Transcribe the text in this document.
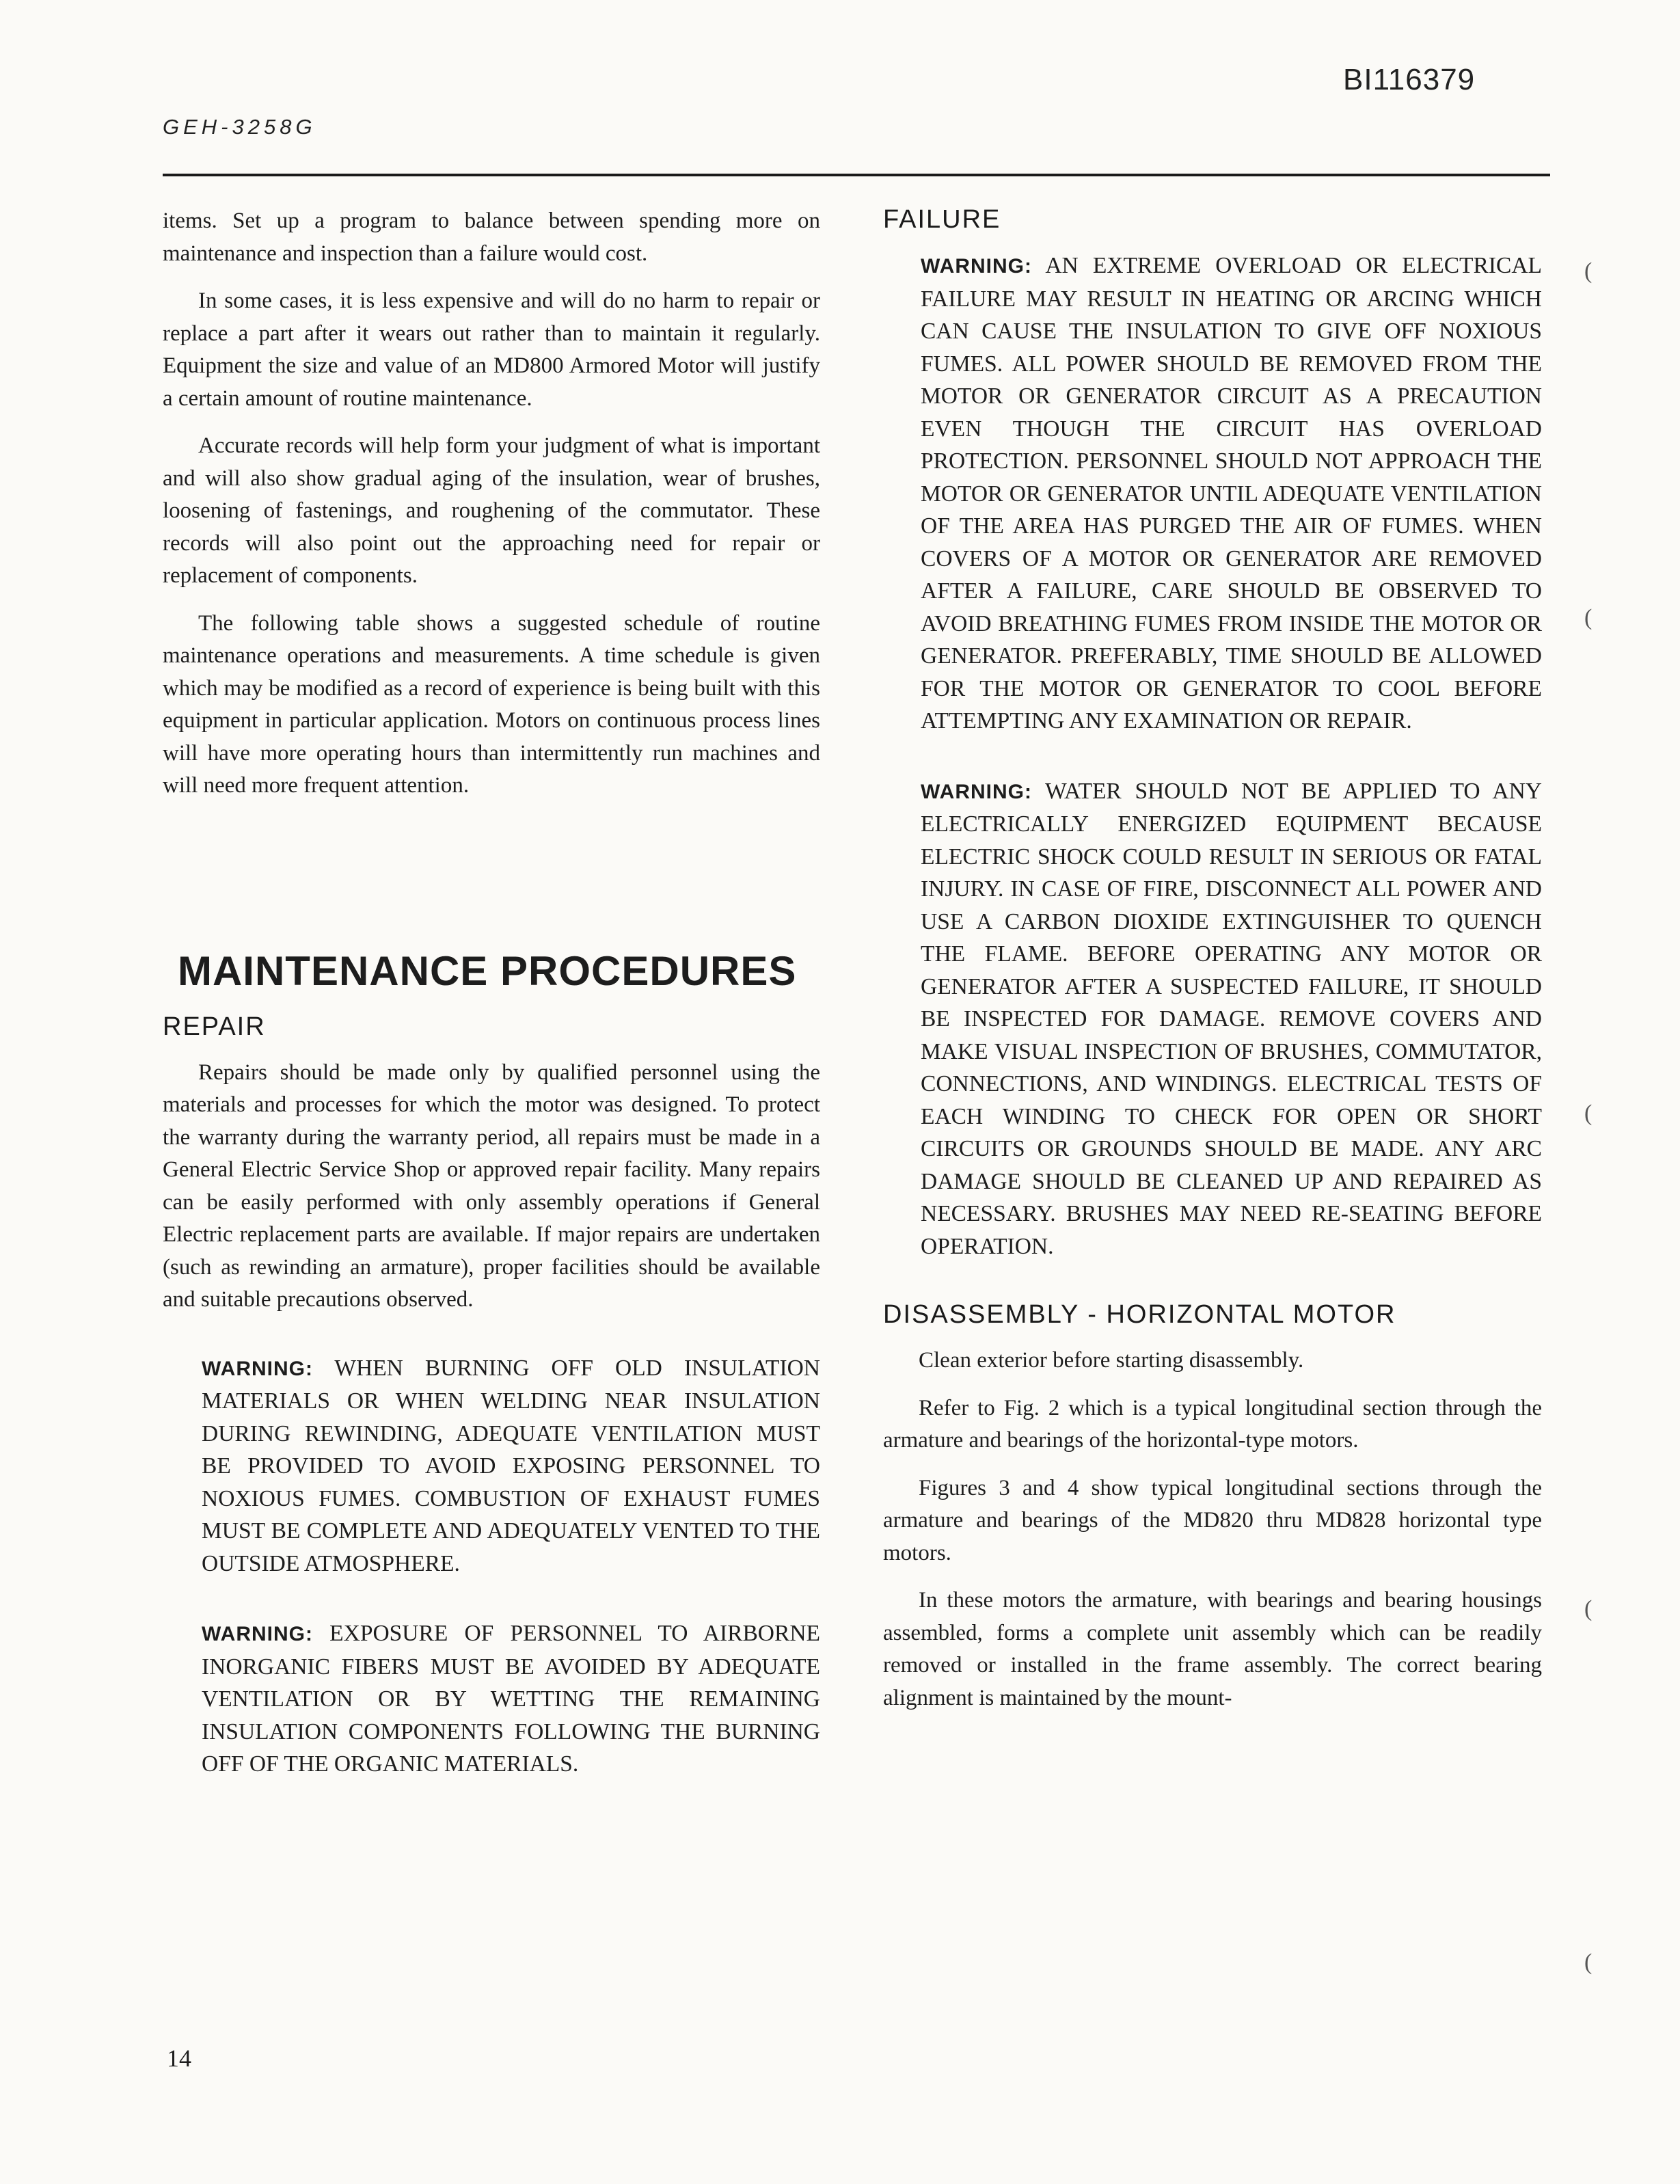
BI116379
GEH-3258G

items. Set up a program to balance between spending more on maintenance and inspection than a failure would cost.

In some cases, it is less expensive and will do no harm to repair or replace a part after it wears out rather than to maintain it regularly. Equipment the size and value of an MD800 Armored Motor will justify a certain amount of routine maintenance.

Accurate records will help form your judgment of what is important and will also show gradual aging of the insulation, wear of brushes, loosening of fastenings, and roughening of the commutator. These records will also point out the approaching need for repair or replacement of components.

The following table shows a suggested schedule of routine maintenance operations and measurements. A time schedule is given which may be modified as a record of experience is being built with this equipment in particular application. Motors on continuous process lines will have more operating hours than intermittently run machines and will need more frequent attention.

MAINTENANCE PROCEDURES
REPAIR

Repairs should be made only by qualified personnel using the materials and processes for which the motor was designed. To protect the warranty during the warranty period, all repairs must be made in a General Electric Service Shop or approved repair facility. Many repairs can be easily performed with only assembly operations if General Electric replacement parts are available. If major repairs are undertaken (such as rewinding an armature), proper facilities should be available and suitable precautions observed.

WARNING: WHEN BURNING OFF OLD INSULATION MATERIALS OR WHEN WELDING NEAR INSULATION DURING REWINDING, ADEQUATE VENTILATION MUST BE PROVIDED TO AVOID EXPOSING PERSONNEL TO NOXIOUS FUMES. COMBUSTION OF EXHAUST FUMES MUST BE COMPLETE AND ADEQUATELY VENTED TO THE OUTSIDE ATMOSPHERE.
WARNING: EXPOSURE OF PERSONNEL TO AIRBORNE INORGANIC FIBERS MUST BE AVOIDED BY ADEQUATE VENTILATION OR BY WETTING THE REMAINING INSULATION COMPONENTS FOLLOWING THE BURNING OFF OF THE ORGANIC MATERIALS.
FAILURE
WARNING: AN EXTREME OVERLOAD OR ELECTRICAL FAILURE MAY RESULT IN HEATING OR ARCING WHICH CAN CAUSE THE INSULATION TO GIVE OFF NOXIOUS FUMES. ALL POWER SHOULD BE REMOVED FROM THE MOTOR OR GENERATOR CIRCUIT AS A PRECAUTION EVEN THOUGH THE CIRCUIT HAS OVERLOAD PROTECTION. PERSONNEL SHOULD NOT APPROACH THE MOTOR OR GENERATOR UNTIL ADEQUATE VENTILATION OF THE AREA HAS PURGED THE AIR OF FUMES. WHEN COVERS OF A MOTOR OR GENERATOR ARE REMOVED AFTER A FAILURE, CARE SHOULD BE OBSERVED TO AVOID BREATHING FUMES FROM INSIDE THE MOTOR OR GENERATOR. PREFERABLY, TIME SHOULD BE ALLOWED FOR THE MOTOR OR GENERATOR TO COOL BEFORE ATTEMPTING ANY EXAMINATION OR REPAIR.
WARNING: WATER SHOULD NOT BE APPLIED TO ANY ELECTRICALLY ENERGIZED EQUIPMENT BECAUSE ELECTRIC SHOCK COULD RESULT IN SERIOUS OR FATAL INJURY. IN CASE OF FIRE, DISCONNECT ALL POWER AND USE A CARBON DIOXIDE EXTINGUISHER TO QUENCH THE FLAME. BEFORE OPERATING ANY MOTOR OR GENERATOR AFTER A SUSPECTED FAILURE, IT SHOULD BE INSPECTED FOR DAMAGE. REMOVE COVERS AND MAKE VISUAL INSPECTION OF BRUSHES, COMMUTATOR, CONNECTIONS, AND WINDINGS. ELECTRICAL TESTS OF EACH WINDING TO CHECK FOR OPEN OR SHORT CIRCUITS OR GROUNDS SHOULD BE MADE. ANY ARC DAMAGE SHOULD BE CLEANED UP AND REPAIRED AS NECESSARY. BRUSHES MAY NEED RE-SEATING BEFORE OPERATION.
DISASSEMBLY - HORIZONTAL MOTOR

Clean exterior before starting disassembly.

Refer to Fig. 2 which is a typical longitudinal section through the armature and bearings of the horizontal-type motors.

Figures 3 and 4 show typical longitudinal sections through the armature and bearings of the MD820 thru MD828 horizontal type motors.

In these motors the armature, with bearings and bearing housings assembled, forms a complete unit assembly which can be readily removed or installed in the frame assembly. The correct bearing alignment is maintained by the mount-

14
(
(
(
(
(
